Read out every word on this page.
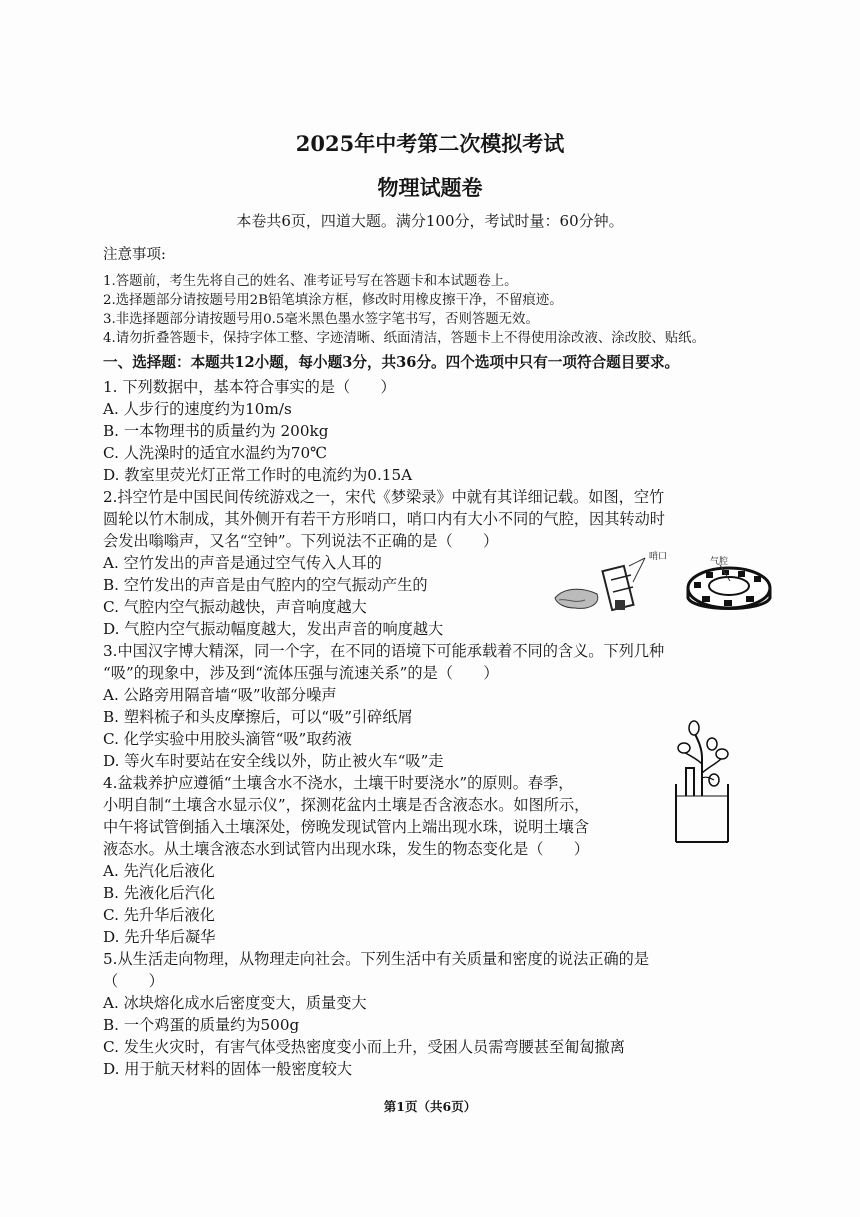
2025年中考第二次模拟考试
物理试题卷
本卷共6页，四道大题。满分100分，考试时量：60分钟。
注意事项:
1.答题前，考生先将自己的姓名、准考证号写在答题卡和本试题卷上。
2.选择题部分请按题号用2B铅笔填涂方框，修改时用橡皮擦干净，不留痕迹。
3.非选择题部分请按题号用0.5毫米黑色墨水签字笔书写，否则答题无效。
4.请勿折叠答题卡，保持字体工整、字迹清晰、纸面清洁，答题卡上不得使用涂改液、涂改胶、贴纸。
一、选择题：本题共12小题，每小题3分，共36分。四个选项中只有一项符合题目要求。
1. 下列数据中，基本符合事实的是（　　）
A. 人步行的速度约为10m/s
B. 一本物理书的质量约为 200kg
C. 人洗澡时的适宜水温约为70℃
D. 教室里荧光灯正常工作时的电流约为0.15A
2.抖空竹是中国民间传统游戏之一，宋代《梦梁录》中就有其详细记载。如图，空竹
圆轮以竹木制成，其外侧开有若干方形哨口，哨口内有大小不同的气腔，因其转动时
会发出嗡嗡声，又名“空钟”。下列说法不正确的是（　　）
A. 空竹发出的声音是通过空气传入人耳的
B. 空竹发出的声音是由气腔内的空气振动产生的
C. 气腔内空气振动越快，声音响度越大
D. 气腔内空气振动幅度越大，发出声音的响度越大
哨口	气腔
3.中国汉字博大精深，同一个字，在不同的语境下可能承载着不同的含义。下列几种
“吸”的现象中，涉及到“流体压强与流速关系”的是（　　）
A. 公路旁用隔音墙“吸”收部分噪声
B. 塑料梳子和头皮摩擦后，可以“吸”引碎纸屑
C. 化学实验中用胶头滴管“吸”取药液
D. 等火车时要站在安全线以外，防止被火车“吸”走
4.盆栽养护应遵循“土壤含水不浇水，土壤干时要浇水”的原则。春季，
小明自制“土壤含水显示仪”，探测花盆内土壤是否含液态水。如图所示，
中午将试管倒插入土壤深处，傍晚发现试管内上端出现水珠，说明土壤含
液态水。从土壤含液态水到试管内出现水珠，发生的物态变化是（　　）
A. 先汽化后液化
B. 先液化后汽化
C. 先升华后液化
D. 先升华后凝华
5.从生活走向物理，从物理走向社会。下列生活中有关质量和密度的说法正确的是
（　　）
A. 冰块熔化成水后密度变大，质量变大
B. 一个鸡蛋的质量约为500g
C. 发生火灾时，有害气体受热密度变小而上升，受困人员需弯腰甚至匍匐撤离
D. 用于航天材料的固体一般密度较大
第1页（共6页）
